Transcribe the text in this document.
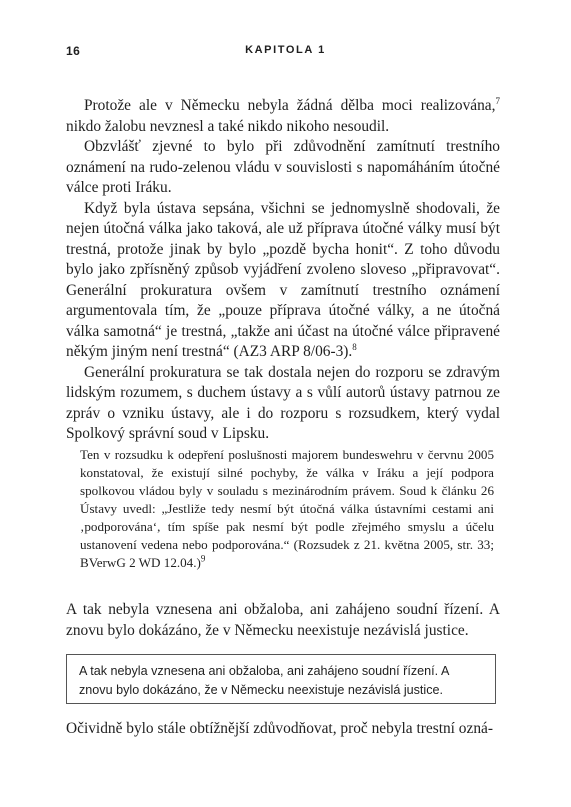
16	KAPITOLA 1

Protože ale v Německu nebyla žádná dělba moci realizována,$^7$ nikdo žalobu nevznesl a také nikdo nikoho nesoudil.

Obzvlášť zjevné to bylo při zdůvodnění zamítnutí trestního oznámení na rudo-zelenou vládu v souvislosti s napomáháním útočné válce proti Iráku.

Když byla ústava sepsána, všichni se jednomyslně shodovali, že nejen útočná válka jako taková, ale už příprava útočné války musí být trestná, protože jinak by bylo „pozdě bycha honit“. Z toho důvodu bylo jako zpřísněný způsob vyjádření zvoleno sloveso „připravovat“. Generální prokuratura ovšem v zamítnutí trestního oznámení argumentovala tím, že „pouze příprava útočné války, a ne útočná válka samotná“ je trestná, „takže ani účast na útočné válce připravené někým jiným není trestná“ (AZ3 ARP 8/06-3).$^8$

Generální prokuratura se tak dostala nejen do rozporu se zdravým lidským rozumem, s duchem ústavy a s vůlí autorů ústavy patrnou ze zpráv o vzniku ústavy, ale i do rozporu s rozsudkem, který vydal Spolkový správní soud v Lipsku.

Ten v rozsudku k odepření poslušnosti majorem bundeswehru v červnu 2005 konstatoval, že existují silné pochyby, že válka v Iráku a její podpora spolkovou vládou byly v souladu s mezinárodním právem. Soud k článku 26 Ústavy uvedl: „Jestliže tedy nesmí být útočná válka ústavními cestami ani ‚podporována‘, tím spíše pak nesmí být podle zřejmého smyslu a účelu ustanovení vedena nebo podporována.“ (Rozsudek z 21. května 2005, str. 33; BVerwG 2 WD 12.04.)$^9$

A tak nebyla vznesena ani obžaloba, ani zahájeno soudní řízení. A znovu bylo dokázáno, že v Německu neexistuje nezávislá justice.

A tak nebyla vznesena ani obžaloba, ani zahájeno soudní řízení. A znovu bylo dokázáno, že v Německu neexistuje nezávislá justice.

Očividně bylo stále obtížnější zdůvodňovat, proč nebyla trestní ozná-
